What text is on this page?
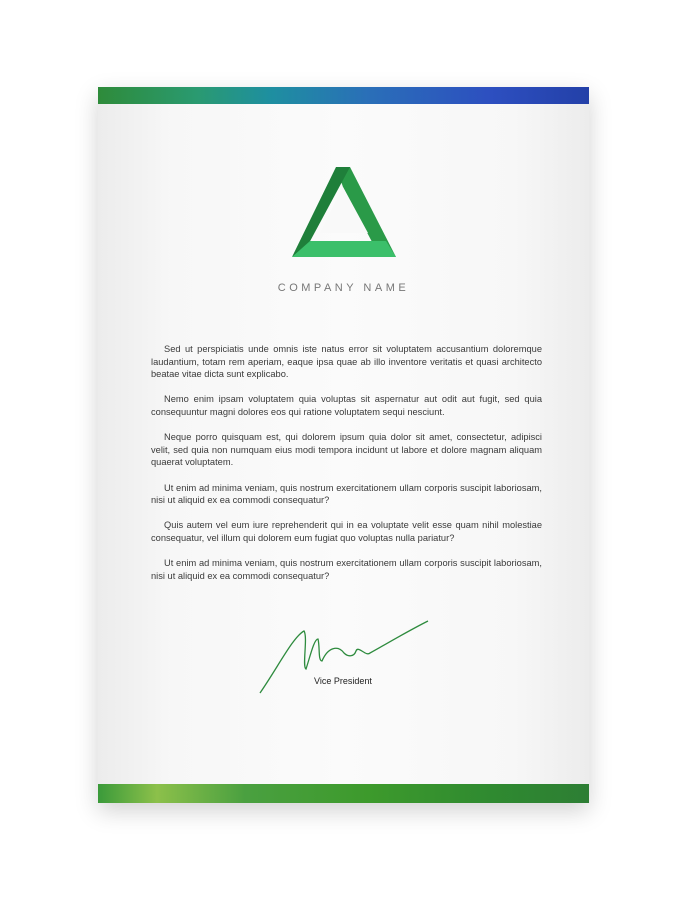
COMPANY NAME

Sed ut perspiciatis unde omnis iste natus error sit voluptatem accusantium doloremque laudantium, totam rem aperiam, eaque ipsa quae ab illo inventore veritatis et quasi architecto beatae vitae dicta sunt explicabo.

Nemo enim ipsam voluptatem quia voluptas sit aspernatur aut odit aut fugit, sed quia consequuntur magni dolores eos qui ratione voluptatem sequi nesciunt.

Neque porro quisquam est, qui dolorem ipsum quia dolor sit amet, consectetur, adipisci velit, sed quia non numquam eius modi tempora incidunt ut labore et dolore magnam aliquam quaerat voluptatem.

Ut enim ad minima veniam, quis nostrum exercitationem ullam corporis suscipit laboriosam, nisi ut aliquid ex ea commodi consequatur?

Quis autem vel eum iure reprehenderit qui in ea voluptate velit esse quam nihil molestiae consequatur, vel illum qui dolorem eum fugiat quo voluptas nulla pariatur?

Ut enim ad minima veniam, quis nostrum exercitationem ullam corporis suscipit laboriosam, nisi ut aliquid ex ea commodi consequatur?

Vice President
